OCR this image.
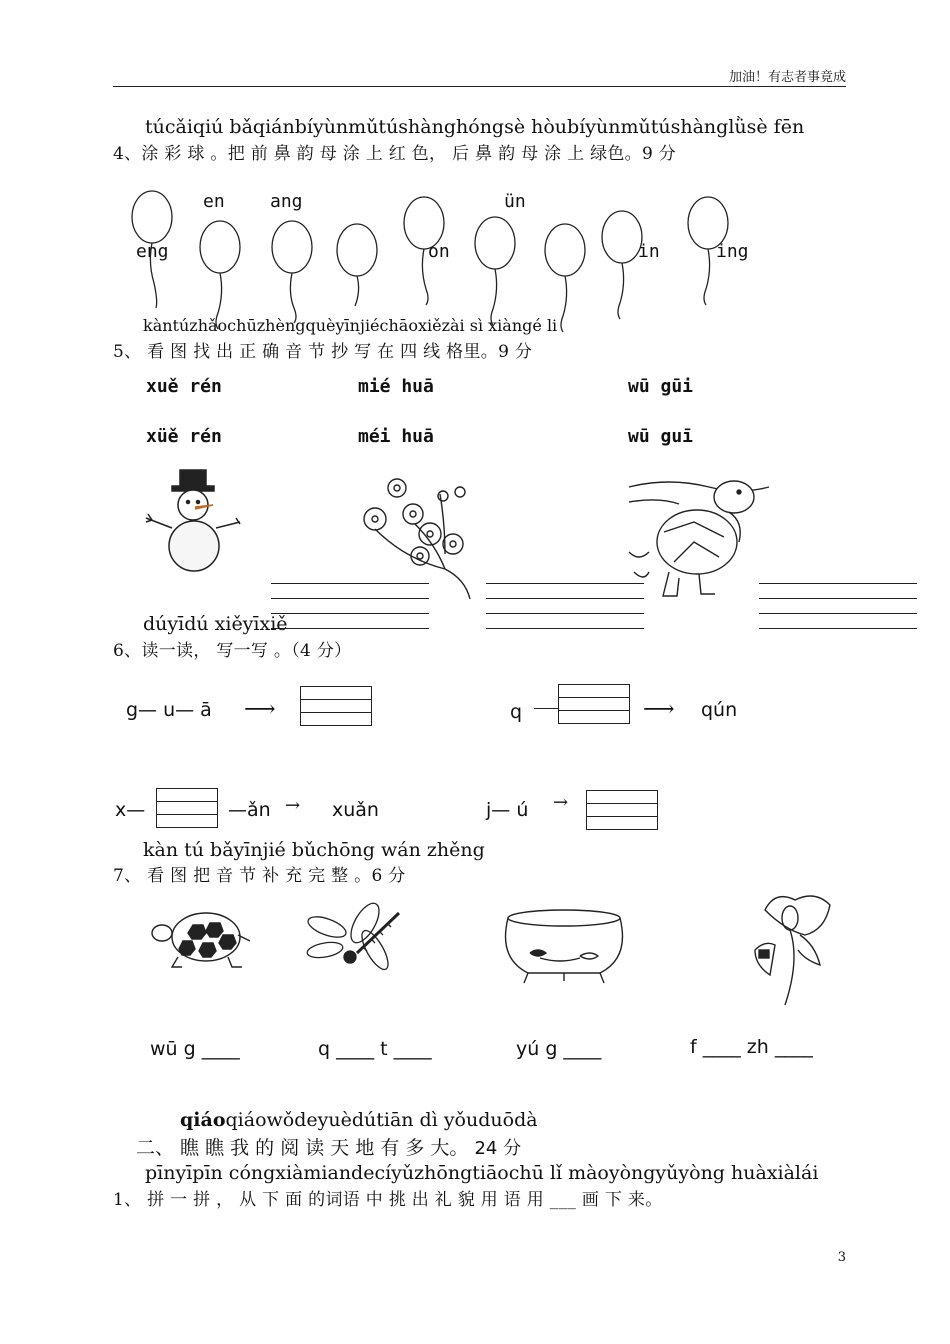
加油！有志者事竟成
túcǎiqiú bǎqiánbíyùnmǔtúshànghóngsè hòubíyùnmǔtúshànglǜsè fēn
4、涂 彩 球 。把 前 鼻 韵 母 涂 上 红 色， 后 鼻 韵 母 涂 上 绿色。9 分
en	ang	ün
eng	on	in	ing
kàntúzhǎochūzhèngquèyīnjiéchāoxiězài sì xiàngé li
5、 看 图 找 出 正 确 音 节 抄 写 在 四 线 格里。9 分
xuě rén	mié huā	wū gūi
xüě rén	méi huā	wū guī
dúyīdú xiěyīxiě
6、读一读， 写一写 。（4 分）
g— u— ā ⟶	q	⟶ qún
x—	—ǎn → xuǎn	j— ú →
kàn tú bǎyīnjié bǔchōng wán zhěng
7、 看 图 把 音 节 补 充 完 整 。6 分
wū g ____	q ____ t ____	yú g ____	f ____ zh ____
qiáoqiáowǒdeyuèdútiān dì yǒuduōdà
二、 瞧 瞧 我 的 阅 读 天 地 有 多 大。 24 分
pīnyīpīn cóngxiàmiandecíyǔzhōngtiāochū lǐ màoyòngyǔyòng huàxiàlái
1、 拼 一 拼 ， 从 下 面 的词语 中 挑 出 礼 貌 用 语 用 ___ 画 下 来。
3
